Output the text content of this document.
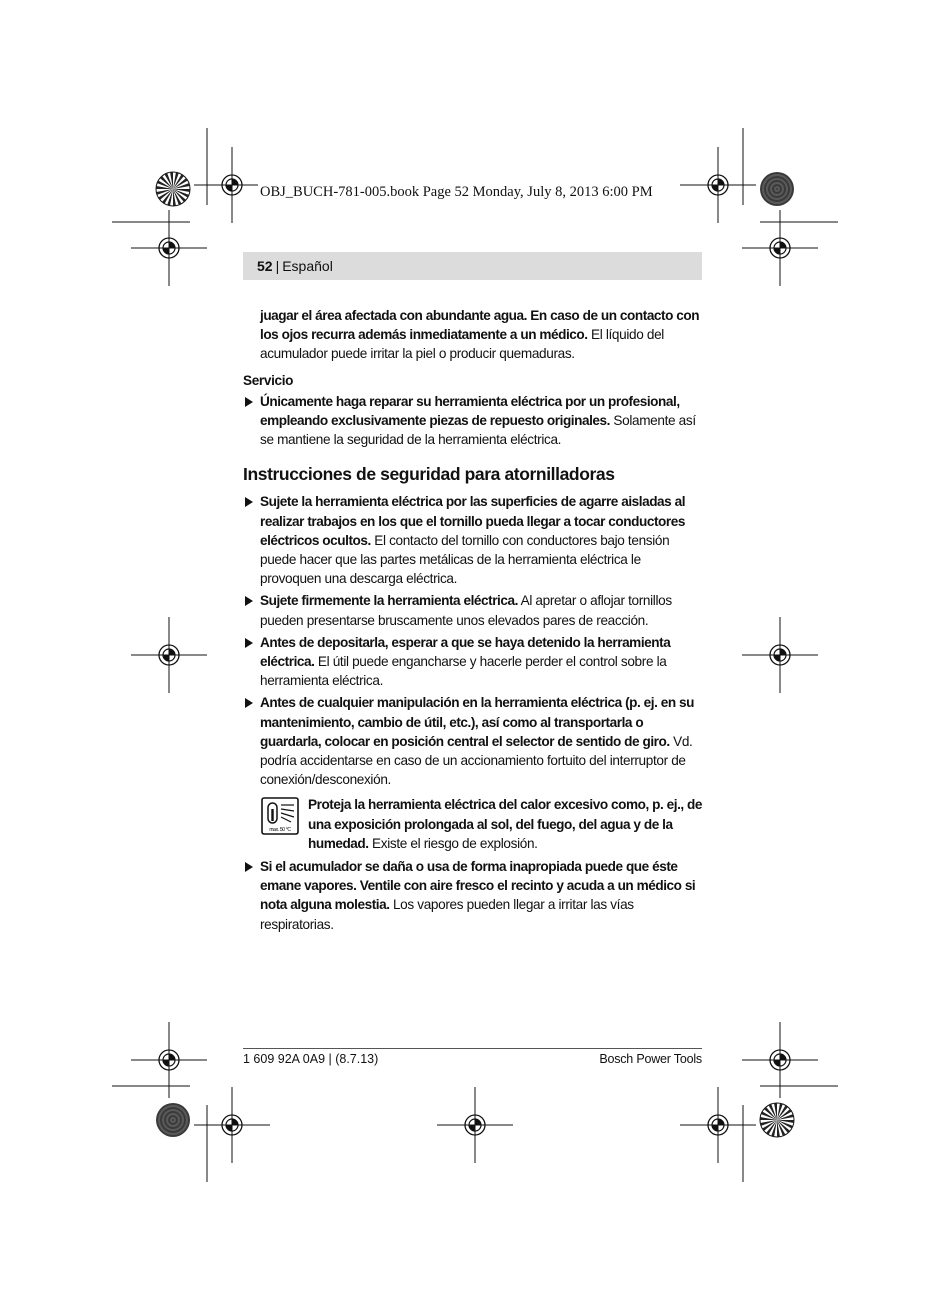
OBJ_BUCH-781-005.book Page 52 Monday, July 8, 2013 6:00 PM
52 | Español
juagar el área afectada con abundante agua. En caso de un contacto con los ojos recurra además inmediatamente a un médico. El líquido del acumulador puede irritar la piel o producir quemaduras.
Servicio
Únicamente haga reparar su herramienta eléctrica por un profesional, empleando exclusivamente piezas de repuesto originales. Solamente así se mantiene la seguridad de la herramienta eléctrica.
Instrucciones de seguridad para atornilladoras
Sujete la herramienta eléctrica por las superficies de agarre aisladas al realizar trabajos en los que el tornillo pueda llegar a tocar conductores eléctricos ocultos. El contacto del tornillo con conductores bajo tensión puede hacer que las partes metálicas de la herramienta eléctrica le provoquen una descarga eléctrica.
Sujete firmemente la herramienta eléctrica. Al apretar o aflojar tornillos pueden presentarse bruscamente unos elevados pares de reacción.
Antes de depositarla, esperar a que se haya detenido la herramienta eléctrica. El útil puede engancharse y hacerle perder el control sobre la herramienta eléctrica.
Antes de cualquier manipulación en la herramienta eléctrica (p. ej. en su mantenimiento, cambio de útil, etc.), así como al transportarla o guardarla, colocar en posición central el selector de sentido de giro. Vd. podría accidentarse en caso de un accionamiento fortuito del interruptor de conexión/desconexión.
max. 50 °C
Proteja la herramienta eléctrica del calor excesivo como, p. ej., de una exposición prolongada al sol, del fuego, del agua y de la humedad. Existe el riesgo de explosión.
Si el acumulador se daña o usa de forma inapropiada puede que éste emane vapores. Ventile con aire fresco el recinto y acuda a un médico si nota alguna molestia. Los vapores pueden llegar a irritar las vías respiratorias.
1 609 92A 0A9 | (8.7.13)	Bosch Power Tools
